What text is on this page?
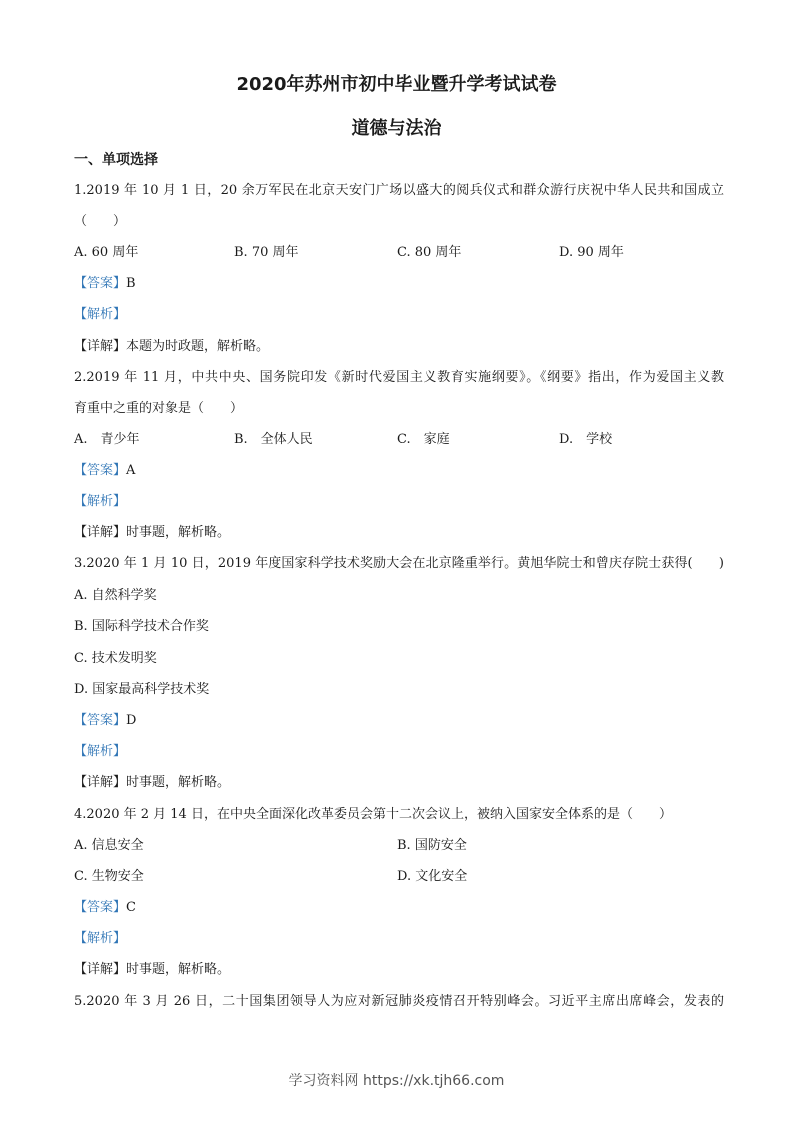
2020年苏州市初中毕业暨升学考试试卷
道德与法治
一、单项选择
1.2019 年 10 月 1 日，20 余万军民在北京天安门广场以盛大的阅兵仪式和群众游行庆祝中华人民共和国成立
（　　）
A. 60 周年	B. 70 周年	C. 80 周年	D. 90 周年
【答案】B
【解析】
【详解】本题为时政题，解析略。
2.2019 年 11 月，中共中央、国务院印发《新时代爱国主义教育实施纲要》。《纲要》指出，作为爱国主义教
育重中之重的对象是（　　）
A.　青少年	B.　全体人民	C.　家庭	D.　学校
【答案】A
【解析】
【详解】时事题，解析略。
3.2020 年 1 月 10 日，2019 年度国家科学技术奖励大会在北京隆重举行。黄旭华院士和曾庆存院士获得(　　)
A. 自然科学奖
B. 国际科学技术合作奖
C. 技术发明奖
D. 国家最高科学技术奖
【答案】D
【解析】
【详解】时事题，解析略。
4.2020 年 2 月 14 日，在中央全面深化改革委员会第十二次会议上，被纳入国家安全体系的是（　　）
A. 信息安全	B. 国防安全
C. 生物安全	D. 文化安全
【答案】C
【解析】
【详解】时事题，解析略。
5.2020 年 3 月 26 日，二十国集团领导人为应对新冠肺炎疫情召开特别峰会。习近平主席出席峰会，发表的
学习资料网 https://xk.tjh66.com
